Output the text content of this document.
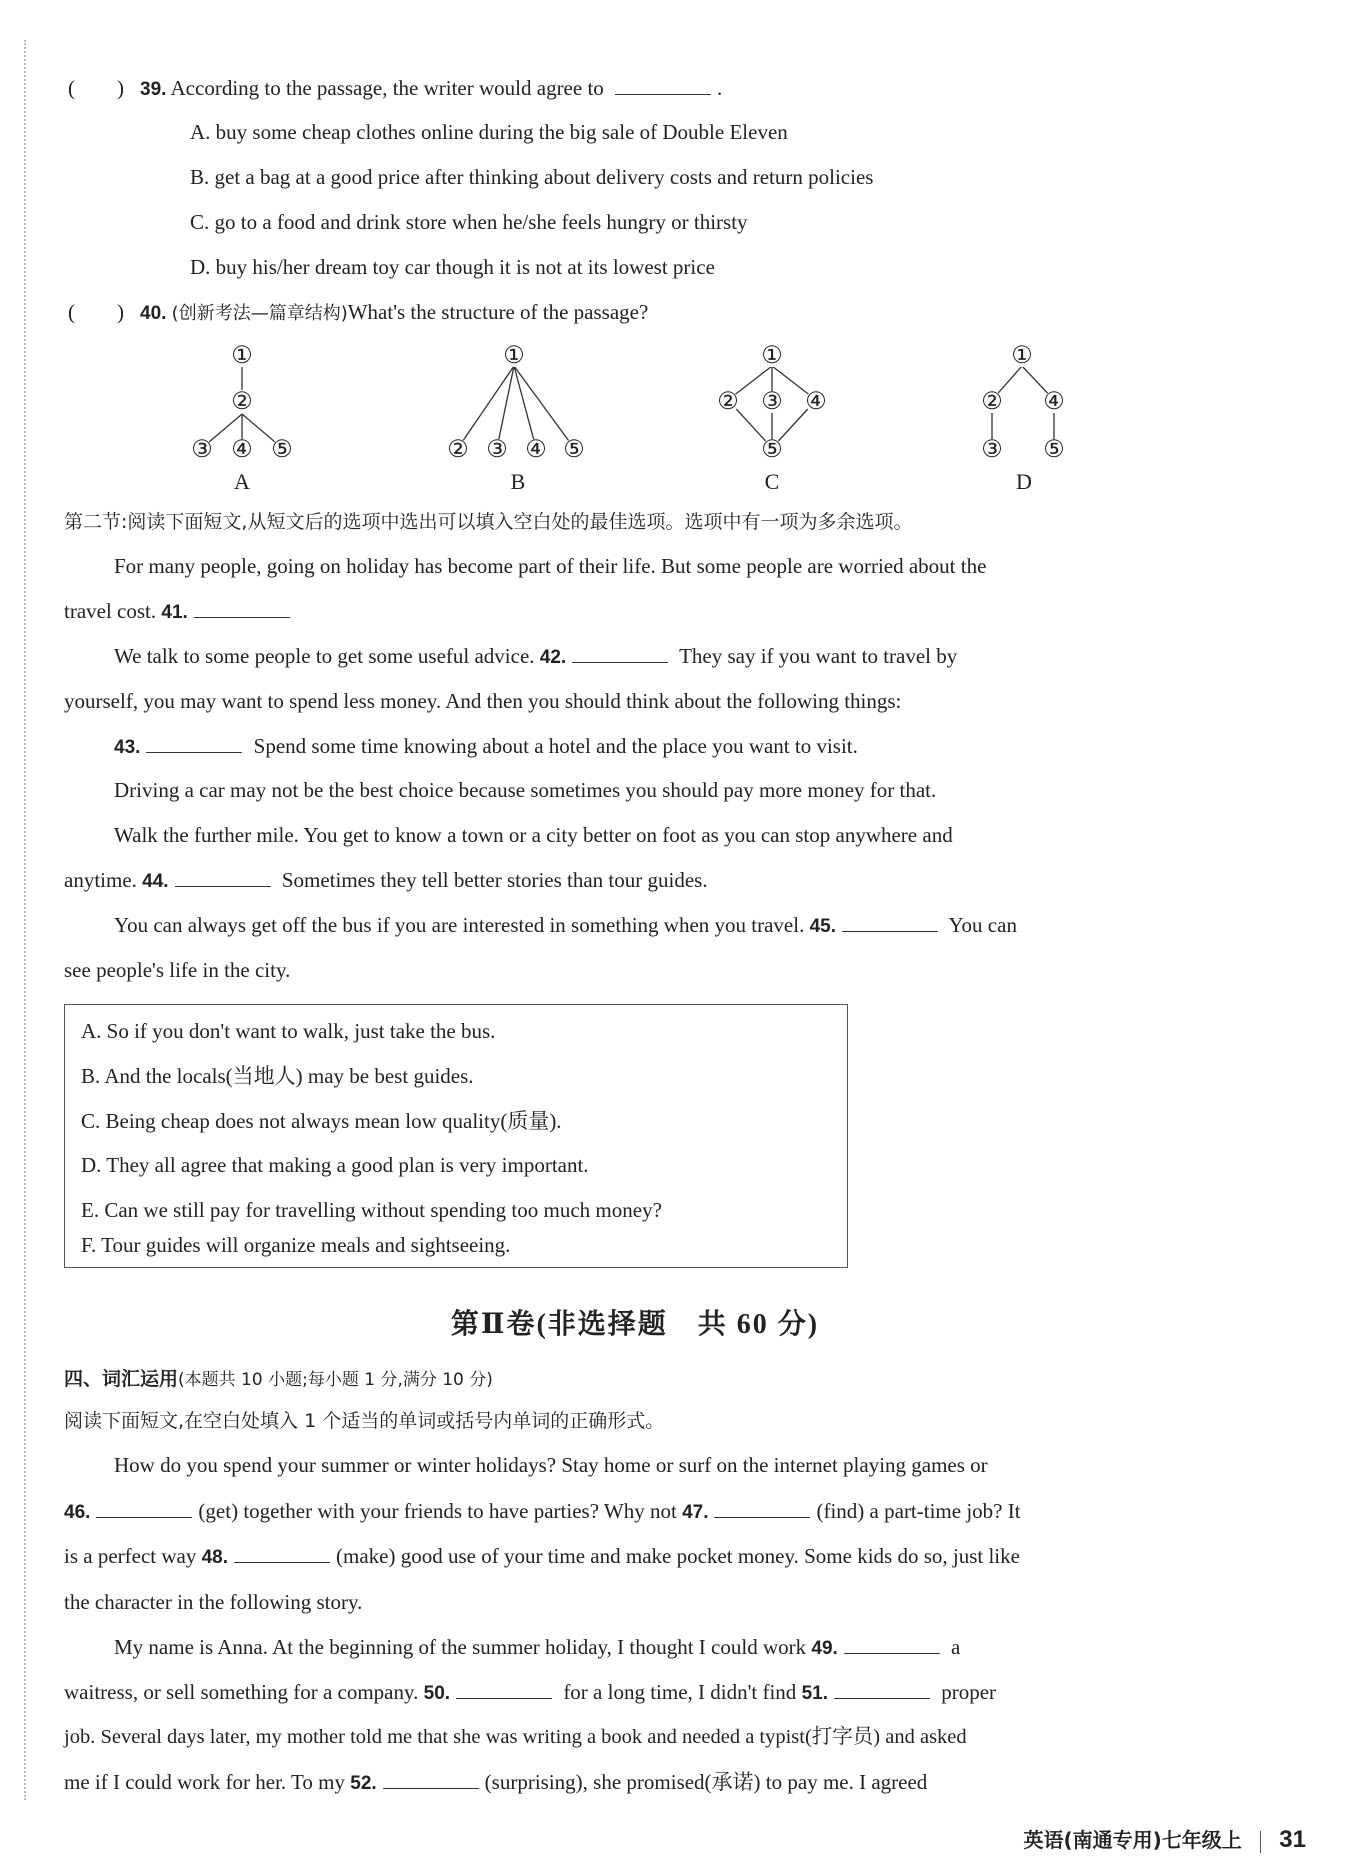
(　　) 39. According to the passage, the writer would agree to	.
A. buy some cheap clothes online during the big sale of Double Eleven
B. get a bag at a good price after thinking about delivery costs and return policies
C. go to a food and drink store when he/she feels hungry or thirsty
D. buy his/her dream toy car though it is not at its lowest price
(　　) 40. (创新考法—篇章结构)What's the structure of the passage?
①
②
③ ④ ⑤
①
② ③ ④ ⑤
①
② ③ ④
⑤
①
②
③
④
⑤
A	B	C	D
第二节:阅读下面短文,从短文后的选项中选出可以填入空白处的最佳选项。选项中有一项为多余选项。
For many people, going on holiday has become part of their life. But some people are worried about the
travel cost. 41.
We talk to some people to get some useful advice. 42.	They say if you want to travel by
yourself, you may want to spend less money. And then you should think about the following things:
43.	Spend some time knowing about a hotel and the place you want to visit.
Driving a car may not be the best choice because sometimes you should pay more money for that.
Walk the further mile. You get to know a town or a city better on foot as you can stop anywhere and
anytime. 44.	Sometimes they tell better stories than tour guides.
You can always get off the bus if you are interested in something when you travel. 45.	You can
see people's life in the city.
A. So if you don't want to walk, just take the bus.
B. And the locals(当地人) may be best guides.
C. Being cheap does not always mean low quality(质量).
D. They all agree that making a good plan is very important.
E. Can we still pay for travelling without spending too much money?
F. Tour guides will organize meals and sightseeing.
第Ⅱ卷(非选择题　共 60 分)
四、词汇运用(本题共 10 小题;每小题 1 分,满分 10 分)
阅读下面短文,在空白处填入 1 个适当的单词或括号内单词的正确形式。
How do you spend your summer or winter holidays? Stay home or surf on the internet playing games or
46.	(get) together with your friends to have parties? Why not 47.	(find) a part-time job? It
is a perfect way 48.	(make) good use of your time and make pocket money. Some kids do so, just like
the character in the following story.
My name is Anna. At the beginning of the summer holiday, I thought I could work 49.	a
waitress, or sell something for a company. 50.	for a long time, I didn't find 51.	proper
job. Several days later, my mother told me that she was writing a book and needed a typist(打字员) and asked
me if I could work for her. To my 52.	(surprising), she promised(承诺) to pay me. I agreed
英语(南通专用)七年级上 31
